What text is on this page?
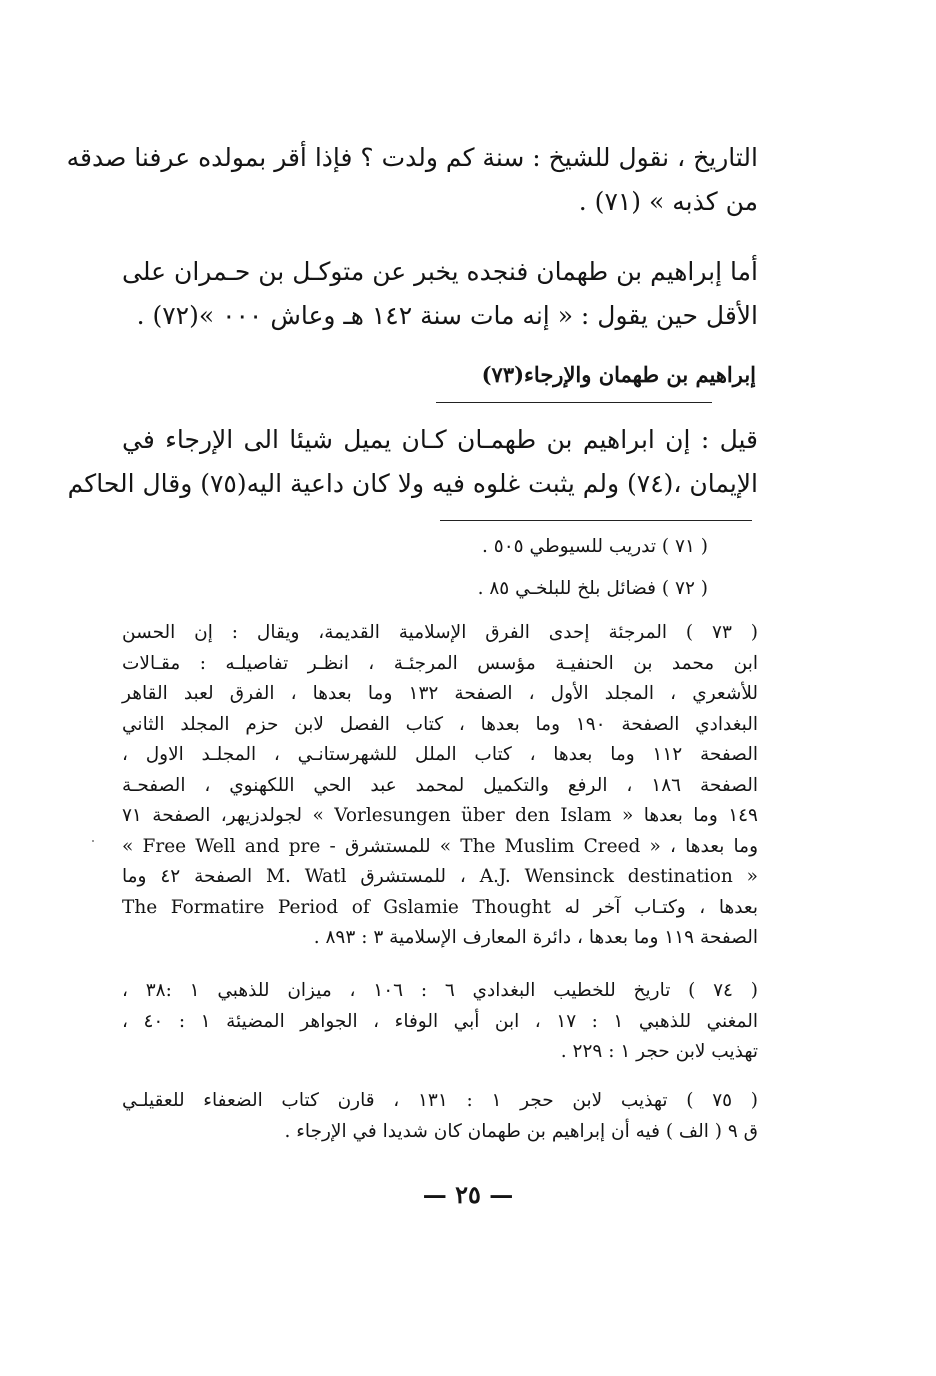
التاريخ ، نقول للشيخ : سنة كم ولدت ؟ فإذا أقر بمولده عرفنا صدقه
من كذبه » (٧١) .
أما إبراهيم بن طهمان فنجده يخبر عن متوكـل بن حـمران على
الأقل حين يقول : « إنه مات سنة ١٤٢ هـ وعاش ٠٠٠ »(٧٢) .
إبراهيم بن طهمان والإرجاء(٧٣)
قيل : إن ابراهيم بن طهمـان كـان يميل شيئا الى الإرجاء في
الإيمان ،(٧٤) ولم يثبت غلوه فيه ولا كان داعية اليه(٧٥) وقال الحاكم
( ٧١ ) تدريب للسيوطي ٥٠٥ .
( ٧٢ ) فضائل بلخ للبلخـي ٨٥ .
( ٧٣ ) المرجئة إحدى الفرق الإسلامية القديمة، ويقال : إن الحسن
ابن محمد بن الحنفيـة مؤسس المرجئـة ، انظـر تفاصيلـه : مقـالات
للأشعري ، المجلد الأول ، الصفحة ١٣٢ وما بعدها ، الفرق لعبد القاهر
البغدادي الصفحة ١٩٠ وما بعدها ، كتاب الفصل لابن حزم المجلد الثاني
الصفحة ١١٢ وما بعدها ، كتاب الملل للشهرستانـي ، المجلـد الاول ،
الصفحة ١٨٦ ، الرفع والتكميل لمحمد عبد الحي اللكهنوي ، الصفحـة
١٤٩ وما بعدها « Vorlesungen über den Islam » لجولدزيهر، الصفحة ٧١
وما بعدها ، « The Muslim Creed » للمستشرق - Free Well and pre »
« A.J. Wensinck destination ، للمستشرق M. Watl الصفحة ٤٢ وما
بعدها ، وكتـاب آخر له The Formatire Period of Gslamie Thought
الصفحة ١١٩ وما بعدها ، دائرة المعارف الإسلامية ٣ : ٨٩٣ .
( ٧٤ ) تاريخ للخطيب البغدادي ٦ : ١٠٦ ، ميزان للذهبي ١ :٣٨ ،
المغني للذهبي ١ : ١٧ ، ابن أبي الوفاء ، الجواهر المضيئة ١ : ٤٠ ،
تهذيب لابن حجر ١ : ٢٢٩ .
( ٧٥ ) تهذيب لابن حجر ١ : ١٣١ ، قارن كتاب الضعفاء للعقيلـي
ق ٩ ( الف ) فيه أن إبراهيم بن طهمان كان شديدا في الإرجاء .
— ٢٥ —
